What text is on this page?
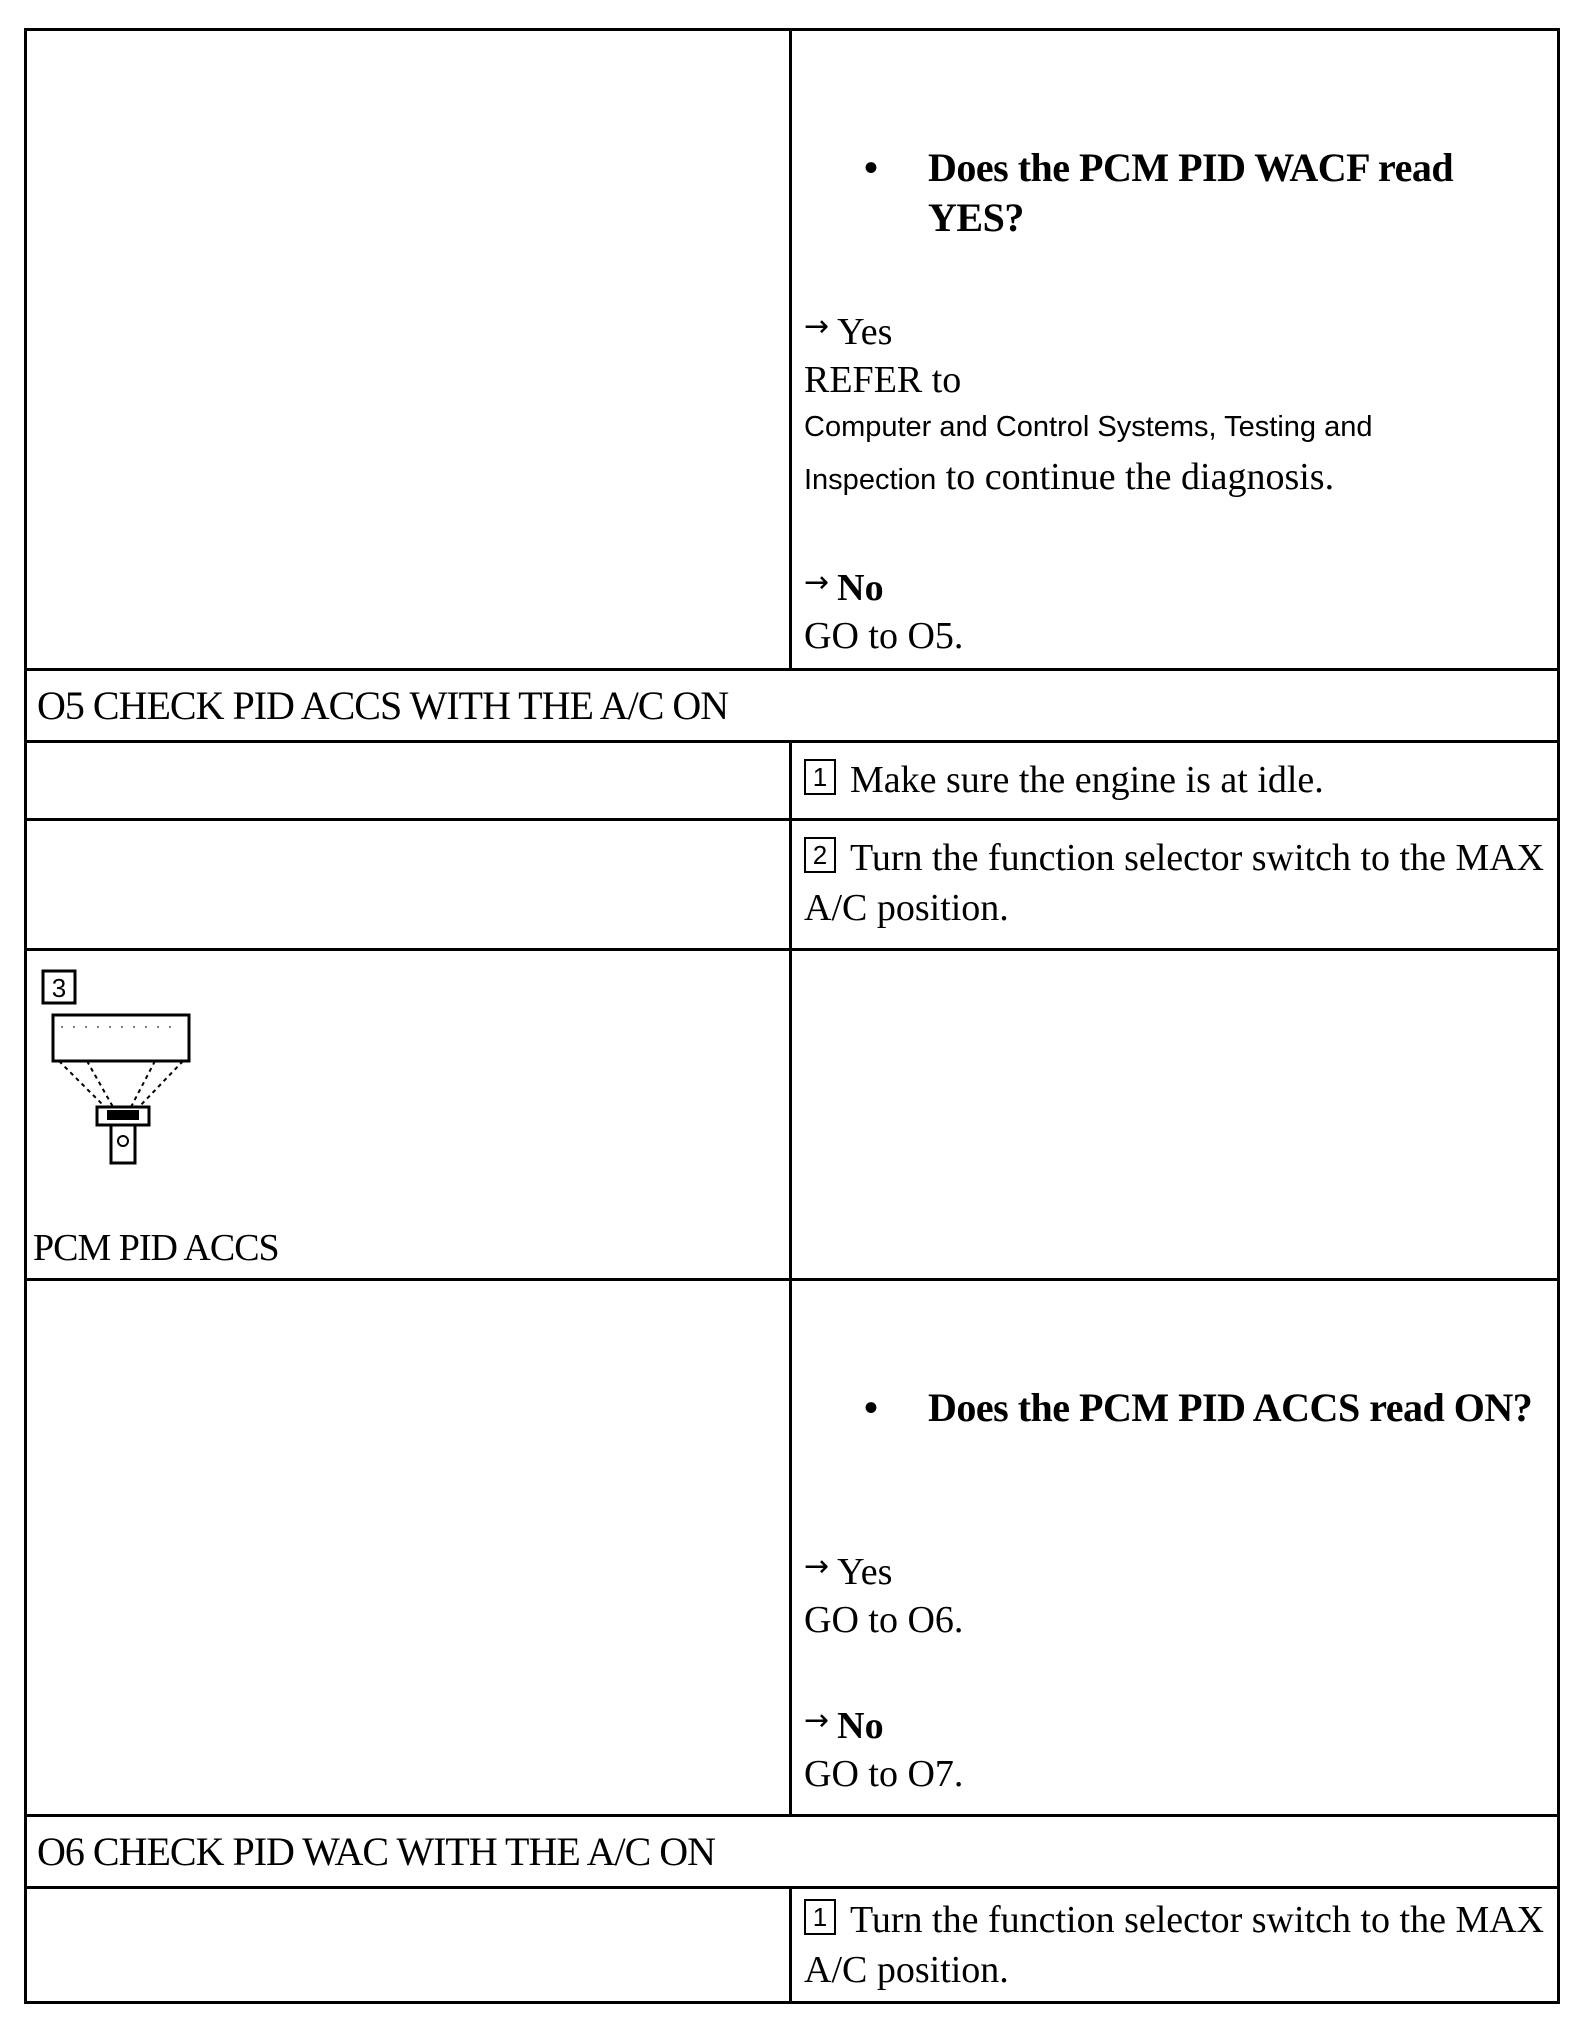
• Does the PCM PID WACF read YES?
→ Yes
REFER to
Computer and Control Systems, Testing and
Inspection to continue the diagnosis.
→ No
GO to O5.
O5 CHECK PID ACCS WITH THE A/C ON
1 Make sure the engine is at idle.
2 Turn the function selector switch to the MAX A/C position.
3
PCM PID ACCS
• Does the PCM PID ACCS read ON?
→ Yes
GO to O6.
→ No
GO to O7.
O6 CHECK PID WAC WITH THE A/C ON
1 Turn the function selector switch to the MAX A/C position.
